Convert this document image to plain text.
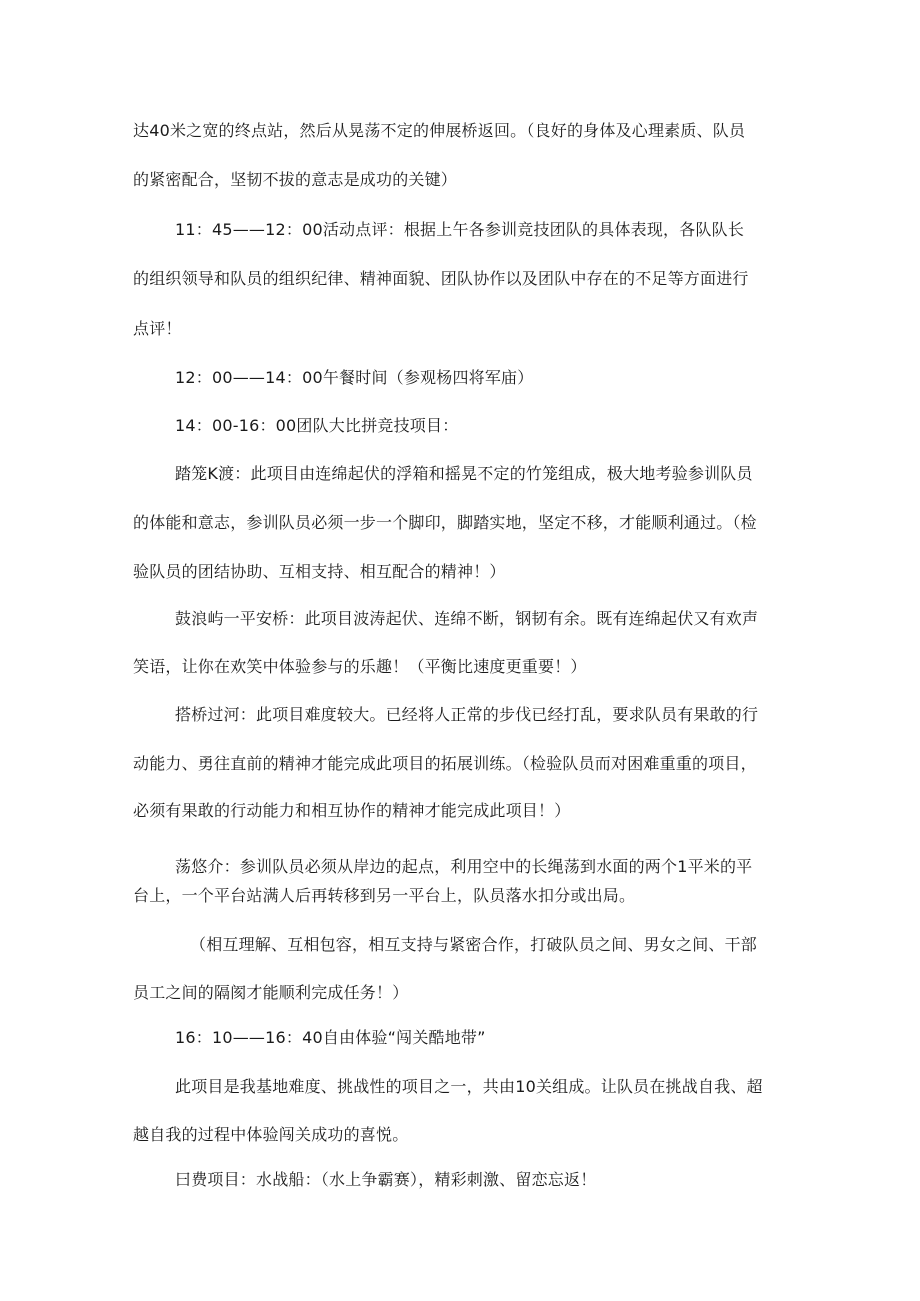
达40米之宽的终点站，然后从晃荡不定的伸展桥返回。（良好的身体及心理素质、队员
的紧密配合，坚韧不拔的意志是成功的关键）
11：45——12：00活动点评：根据上午各参训竞技团队的具体表现，各队队长
的组织领导和队员的组织纪律、精神面貌、团队协作以及团队中存在的不足等方面进行
点评！
12：00——14：00午餐时间（参观杨四将军庙）
14：00-16：00团队大比拼竞技项目：
踏笼K渡：此项目由连绵起伏的浮箱和摇晃不定的竹笼组成，极大地考验参训队员
的体能和意志，参训队员必须一步一个脚印，脚踏实地，坚定不移，才能顺利通过。（检
验队员的团结协助、互相支持、相互配合的精神！）
鼓浪屿一平安桥：此项目波涛起伏、连绵不断，钢韧有余。既有连绵起伏又有欢声
笑语，让你在欢笑中体验参与的乐趣！（平衡比速度更重要！）
搭桥过河：此项目难度较大。已经将人正常的步伐已经打乱，要求队员有果敢的行
动能力、勇往直前的精神才能完成此项目的拓展训练。（检验队员而对困难重重的项目，
必须有果敢的行动能力和相互协作的精神才能完成此项目！）
荡悠介：参训队员必须从岸边的起点，利用空中的长绳荡到水面的两个1平米的平
台上，一个平台站满人后再转移到另一平台上，队员落水扣分或出局。
（相互理解、互相包容，相互支持与紧密合作，打破队员之间、男女之间、干部
员工之间的隔阂才能顺利完成任务！）
16：10——16：40自由体验“闯关酷地带”
此项目是我基地难度、挑战性的项目之一，共由10关组成。让队员在挑战自我、超
越自我的过程中体验闯关成功的喜悦。
曰费项目：水战船：（水上争霸赛），精彩刺激、留恋忘返！
